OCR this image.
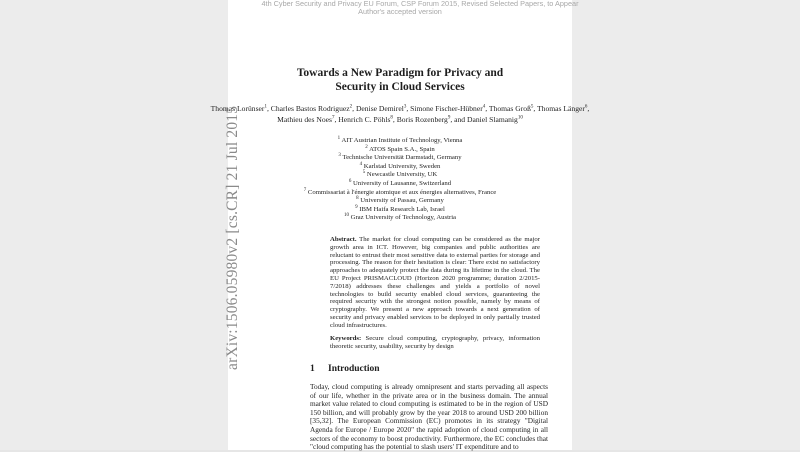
4th Cyber Security and Privacy EU Forum, CSP Forum 2015, Revised Selected Papers, to Appear
Author's accepted version
Towards a New Paradigm for Privacy and
Security in Cloud Services
Thomas Lorünser$^1$, Charles Bastos Rodriguez$^2$, Denise Demirel$^3$, Simone Fischer-Hübner$^4$, Thomas Groß$^5$, Thomas Länger$^6$, Mathieu des Noes$^7$, Henrich C. Pöhls$^8$, Boris Rozenberg$^9$, and Daniel Slamanig$^{10}$
$^1$ AIT Austrian Institute of Technology, Vienna
$^2$ ATOS Spain S.A., Spain
$^3$ Technische Universität Darmstadt, Germany
$^4$ Karlstad University, Sweden
$^5$ Newcastle University, UK
$^6$ University of Lausanne, Switzerland
$^7$ Commissariat à l'énergie atomique et aux énergies alternatives, France
$^8$ University of Passau, Germany
$^9$ IBM Haifa Research Lab, Israel
$^{10}$ Graz University of Technology, Austria
Abstract. The market for cloud computing can be considered as the major growth area in ICT. However, big companies and public authorities are reluctant to entrust their most sensitive data to external parties for storage and processing. The reason for their hesitation is clear: There exist no satisfactory approaches to adequately protect the data during its lifetime in the cloud. The EU Project PRISMACLOUD (Horizon 2020 programme; duration 2/2015-7/2018) addresses these challenges and yields a portfolio of novel technologies to build security enabled cloud services, guaranteeing the required security with the strongest notion possible, namely by means of cryptography. We present a new approach towards a next generation of security and privacy enabled services to be deployed in only partially trusted cloud infrastructures.
Keywords: Secure cloud computing, cryptography, privacy, information theoretic security, usability, security by design
1 Introduction
Today, cloud computing is already omnipresent and starts pervading all aspects of our life, whether in the private area or in the business domain. The annual market value related to cloud computing is estimated to be in the region of USD 150 billion, and will probably grow by the year 2018 to around USD 200 billion [35,32]. The European Commission (EC) promotes in its strategy "Digital Agenda for Europe / Europe 2020" the rapid adoption of cloud computing in all sectors of the economy to boost productivity. Furthermore, the EC concludes that "cloud computing has the potential to slash users' IT expenditure and to
arXiv:1506.05980v2 [cs.CR] 21 Jul 2015
